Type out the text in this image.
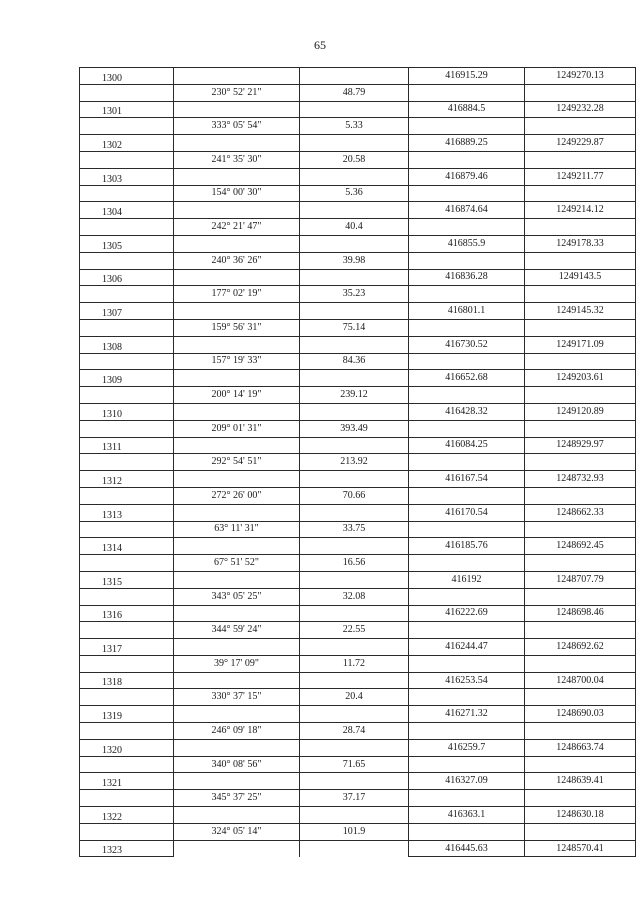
65
1300			416915.29	1249270.13
	230° 52' 21"	48.79		
1301			416884.5	1249232.28
	333° 05' 54"	5.33		
1302			416889.25	1249229.87
	241° 35' 30"	20.58		
1303			416879.46	1249211.77
	154° 00' 30"	5.36		
1304			416874.64	1249214.12
	242° 21' 47"	40.4		
1305			416855.9	1249178.33
	240° 36' 26"	39.98		
1306			416836.28	1249143.5
	177° 02' 19"	35.23		
1307			416801.1	1249145.32
	159° 56' 31"	75.14		
1308			416730.52	1249171.09
	157° 19' 33"	84.36		
1309			416652.68	1249203.61
	200° 14' 19"	239.12		
1310			416428.32	1249120.89
	209° 01' 31"	393.49		
1311			416084.25	1248929.97
	292° 54' 51"	213.92		
1312			416167.54	1248732.93
	272° 26' 00"	70.66		
1313			416170.54	1248662.33
	63° 11' 31"	33.75		
1314			416185.76	1248692.45
	67° 51' 52"	16.56		
1315			416192	1248707.79
	343° 05' 25"	32.08		
1316			416222.69	1248698.46
	344° 59' 24"	22.55		
1317			416244.47	1248692.62
	39° 17' 09"	11.72		
1318			416253.54	1248700.04
	330° 37' 15"	20.4		
1319			416271.32	1248690.03
	246° 09' 18"	28.74		
1320			416259.7	1248663.74
	340° 08' 56"	71.65		
1321			416327.09	1248639.41
	345° 37' 25"	37.17		
1322			416363.1	1248630.18
	324° 05' 14"	101.9		
1323			416445.63	1248570.41
